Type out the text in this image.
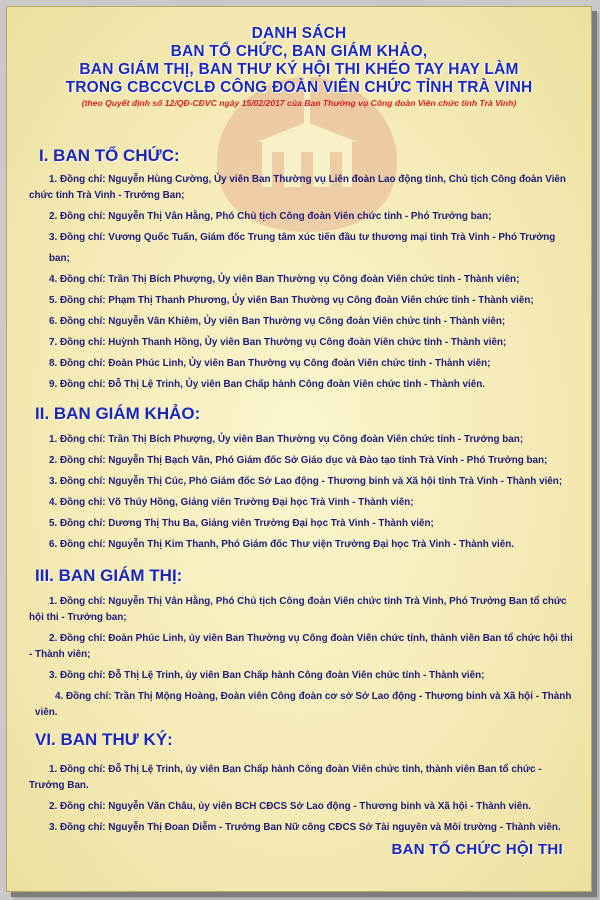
DANH SÁCH
BAN TỔ CHỨC, BAN GIÁM KHẢO,
BAN GIÁM THỊ, BAN THƯ KÝ HỘI THI KHÉO TAY HAY LÀM
TRONG CBCCVCLĐ CÔNG ĐOÀN VIÊN CHỨC TỈNH TRÀ VINH
(theo Quyết định số 12/QĐ-CĐVC ngày 15/02/2017 của Ban Thường vụ Công đoàn Viên chức tỉnh Trà Vinh)
I. BAN TỔ CHỨC:
1. Đồng chí: Nguyễn Hùng Cường, Ủy viên Ban Thường vụ Liên đoàn Lao động tỉnh, Chủ tịch Công đoàn Viên chức tỉnh Trà Vinh - Trưởng Ban;
2. Đồng chí: Nguyễn Thị Vân Hằng, Phó Chủ tịch Công đoàn Viên chức tỉnh - Phó Trưởng ban;
3. Đồng chí: Vương Quốc Tuấn, Giám đốc Trung tâm xúc tiến đầu tư thương mại tỉnh Trà Vinh - Phó Trưởng ban;
4. Đồng chí: Trần Thị Bích Phượng, Ủy viên Ban Thường vụ Công đoàn Viên chức tỉnh - Thành viên;
5. Đồng chí: Phạm Thị Thanh Phương, Ủy viên Ban Thường vụ Công đoàn Viên chức tỉnh - Thành viên;
6. Đồng chí: Nguyễn Văn Khiêm, Ủy viên Ban Thường vụ Công đoàn Viên chức tỉnh - Thành viên;
7. Đồng chí: Huỳnh Thanh Hồng, Ủy viên Ban Thường vụ Công đoàn Viên chức tỉnh - Thành viên;
8. Đồng chí: Đoàn Phúc Linh, Ủy viên Ban Thường vụ Công đoàn Viên chức tỉnh - Thành viên;
9. Đồng chí: Đỗ Thị Lệ Trinh, Ủy viên Ban Chấp hành Công đoàn Viên chức tỉnh - Thành viên.
II. BAN GIÁM KHẢO:
1. Đồng chí: Trần Thị Bích Phượng, Ủy viên Ban Thường vụ Công đoàn Viên chức tỉnh - Trưởng ban;
2. Đồng chí: Nguyễn Thị Bạch Vân, Phó Giám đốc Sở Giáo dục và Đào tạo tỉnh Trà Vinh - Phó Trưởng ban;
3. Đồng chí: Nguyễn Thị Cúc, Phó Giám đốc Sở Lao động - Thương binh và Xã hội tỉnh Trà Vinh - Thành viên;
4. Đồng chí: Võ Thúy Hồng, Giảng viên Trường Đại học Trà Vinh - Thành viên;
5. Đồng chí: Dương Thị Thu Ba, Giảng viên Trường Đại học Trà Vinh - Thành viên;
6. Đồng chí: Nguyễn Thị Kim Thanh, Phó Giám đốc Thư viện Trường Đại học Trà Vinh - Thành viên.
III. BAN GIÁM THỊ:
1. Đồng chí: Nguyễn Thị Vân Hằng, Phó Chủ tịch Công đoàn Viên chức tỉnh Trà Vinh, Phó Trưởng Ban tổ chức hội thi - Trưởng ban;
2. Đồng chí: Đoàn Phúc Linh, ủy viên Ban Thường vụ Công đoàn Viên chức tỉnh, thành viên Ban tổ chức hội thi - Thành viên;
3. Đồng chí: Đỗ Thị Lệ Trinh, ủy viên Ban Chấp hành Công đoàn Viên chức tỉnh - Thành viên;
4. Đồng chí: Trần Thị Mộng Hoàng, Đoàn viên Công đoàn cơ sở Sở Lao động - Thương binh và Xã hội - Thành viên.
VI. BAN THƯ KÝ:
1. Đồng chí: Đỗ Thị Lệ Trinh, ủy viên Ban Chấp hành Công đoàn Viên chức tỉnh, thành viên Ban tổ chức - Trưởng Ban.
2. Đồng chí: Nguyễn Văn Châu, ủy viên BCH CĐCS Sở Lao động - Thương binh và Xã hội - Thành viên.
3. Đồng chí: Nguyễn Thị Đoan Diễm - Trưởng Ban Nữ công CĐCS Sở Tài nguyên và Môi trường - Thành viên.
BAN TỔ CHỨC HỘI THI
